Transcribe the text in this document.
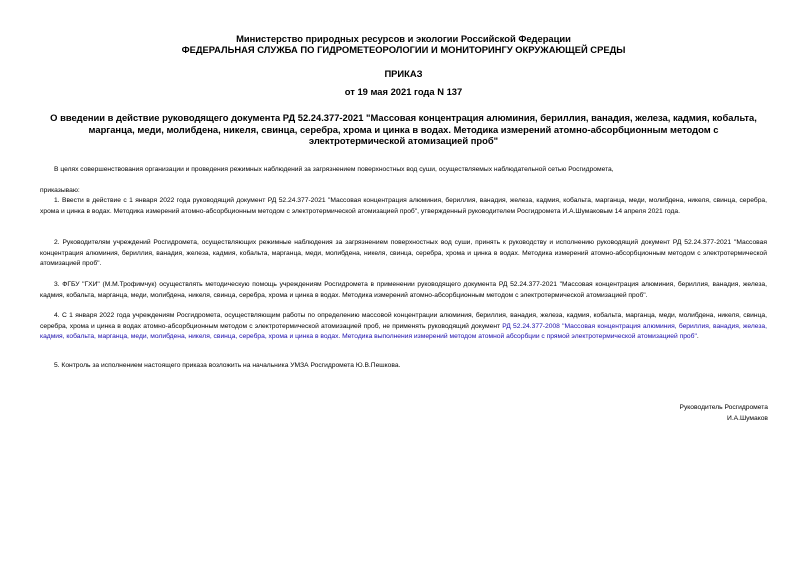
Министерство природных ресурсов и экологии Российской Федерации
ФЕДЕРАЛЬНАЯ СЛУЖБА ПО ГИДРОМЕТЕОРОЛОГИИ И МОНИТОРИНГУ ОКРУЖАЮЩЕЙ СРЕДЫ
ПРИКАЗ
от 19 мая 2021 года N 137
О введении в действие руководящего документа РД 52.24.377-2021 "Массовая концентрация алюминия, бериллия, ванадия, железа, кадмия, кобальта, марганца, меди, молибдена, никеля, свинца, серебра, хрома и цинка в водах. Методика измерений атомно-абсорбционным методом с электротермической атомизацией проб"

В целях совершенствования организации и проведения режимных наблюдений за загрязнением поверхностных вод суши, осуществляемых наблюдательной сетью Росгидромета,

приказываю:

1. Ввести в действие с 1 января 2022 года руководящий документ РД 52.24.377-2021 "Массовая концентрация алюминия, бериллия, ванадия, железа, кадмия, кобальта, марганца, меди, молибдена, никеля, свинца, серебра, хрома и цинка в водах. Методика измерений атомно-абсорбционным методом с электротермической атомизацией проб", утвержденный руководителем Росгидромета И.А.Шумаковым 14 апреля 2021 года.

2. Руководителям учреждений Росгидромета, осуществляющих режимные наблюдения за загрязнением поверхностных вод суши, принять к руководству и исполнению руководящий документ РД 52.24.377-2021 "Массовая концентрация алюминия, бериллия, ванадия, железа, кадмия, кобальта, марганца, меди, молибдена, никеля, свинца, серебра, хрома и цинка в водах. Методика измерений атомно-абсорбционным методом с электротермической атомизацией проб".

3. ФГБУ "ГХИ" (М.М.Трофимчук) осуществлять методическую помощь учреждениям Росгидромета в применении руководящего документа РД 52.24.377-2021 "Массовая концентрация алюминия, бериллия, ванадия, железа, кадмия, кобальта, марганца, меди, молибдена, никеля, свинца, серебра, хрома и цинка в водах. Методика измерений атомно-абсорбционным методом с электротермической атомизацией проб".

4. С 1 января 2022 года учреждениям Росгидромета, осуществляющим работы по определению массовой концентрации алюминия, бериллия, ванадия, железа, кадмия, кобальта, марганца, меди, молибдена, никеля, свинца, серебра, хрома и цинка в водах атомно-абсорбционным методом с электротермической атомизацией проб, не применять руководящий документ РД 52.24.377-2008 "Массовая концентрация алюминия, бериллия, ванадия, железа, кадмия, кобальта, марганца, меди, молибдена, никеля, свинца, серебра, хрома и цинка в водах. Методика выполнения измерений методом атомной абсорбции с прямой электротермической атомизацией проб".

5. Контроль за исполнением настоящего приказа возложить на начальника УМЗА Росгидромета Ю.В.Пешкова.

Руководитель Росгидромета
И.А.Шумаков
